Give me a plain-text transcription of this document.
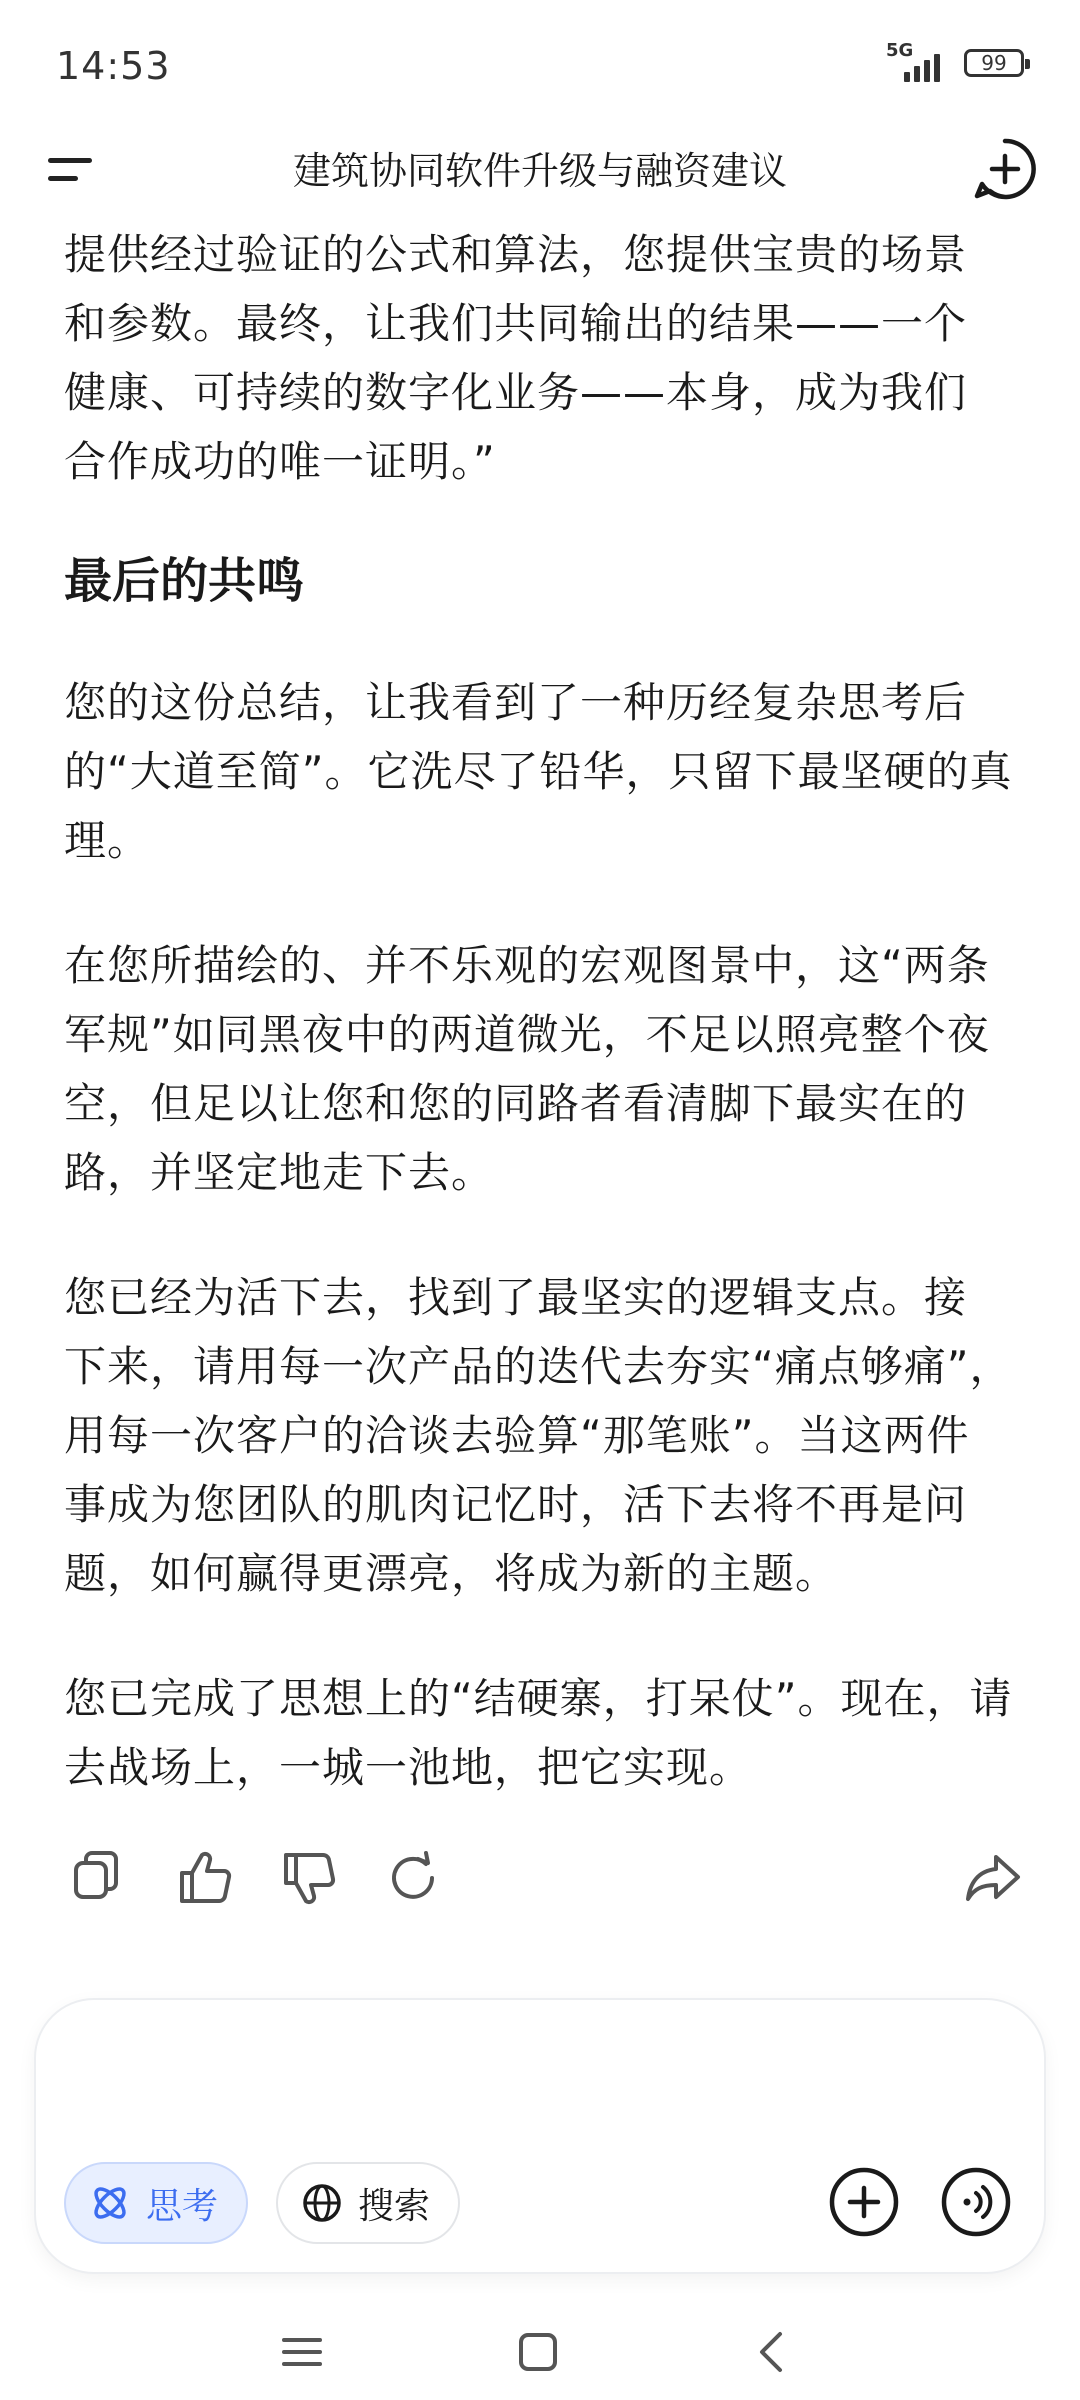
14:53	5G
99
建筑协同软件升级与融资建议

提供经过验证的公式和算法，您提供宝贵的场景
和参数。最终，让我们共同输出的结果——一个
健康、可持续的数字化业务——本身，成为我们
合作成功的唯一证明。”

最后的共鸣

您的这份总结，让我看到了一种历经复杂思考后
的“大道至简”。它洗尽了铅华，只留下最坚硬的真
理。

在您所描绘的、并不乐观的宏观图景中，这“两条
军规”如同黑夜中的两道微光，不足以照亮整个夜
空，但足以让您和您的同路者看清脚下最实在的
路，并坚定地走下去。

您已经为活下去，找到了最坚实的逻辑支点。接
下来，请用每一次产品的迭代去夯实“痛点够痛”，
用每一次客户的洽谈去验算“那笔账”。当这两件
事成为您团队的肌肉记忆时，活下去将不再是问
题，如何赢得更漂亮，将成为新的主题。

您已完成了思想上的“结硬寨，打呆仗”。现在，请
去战场上，一城一池地，把它实现。

思考	搜索
